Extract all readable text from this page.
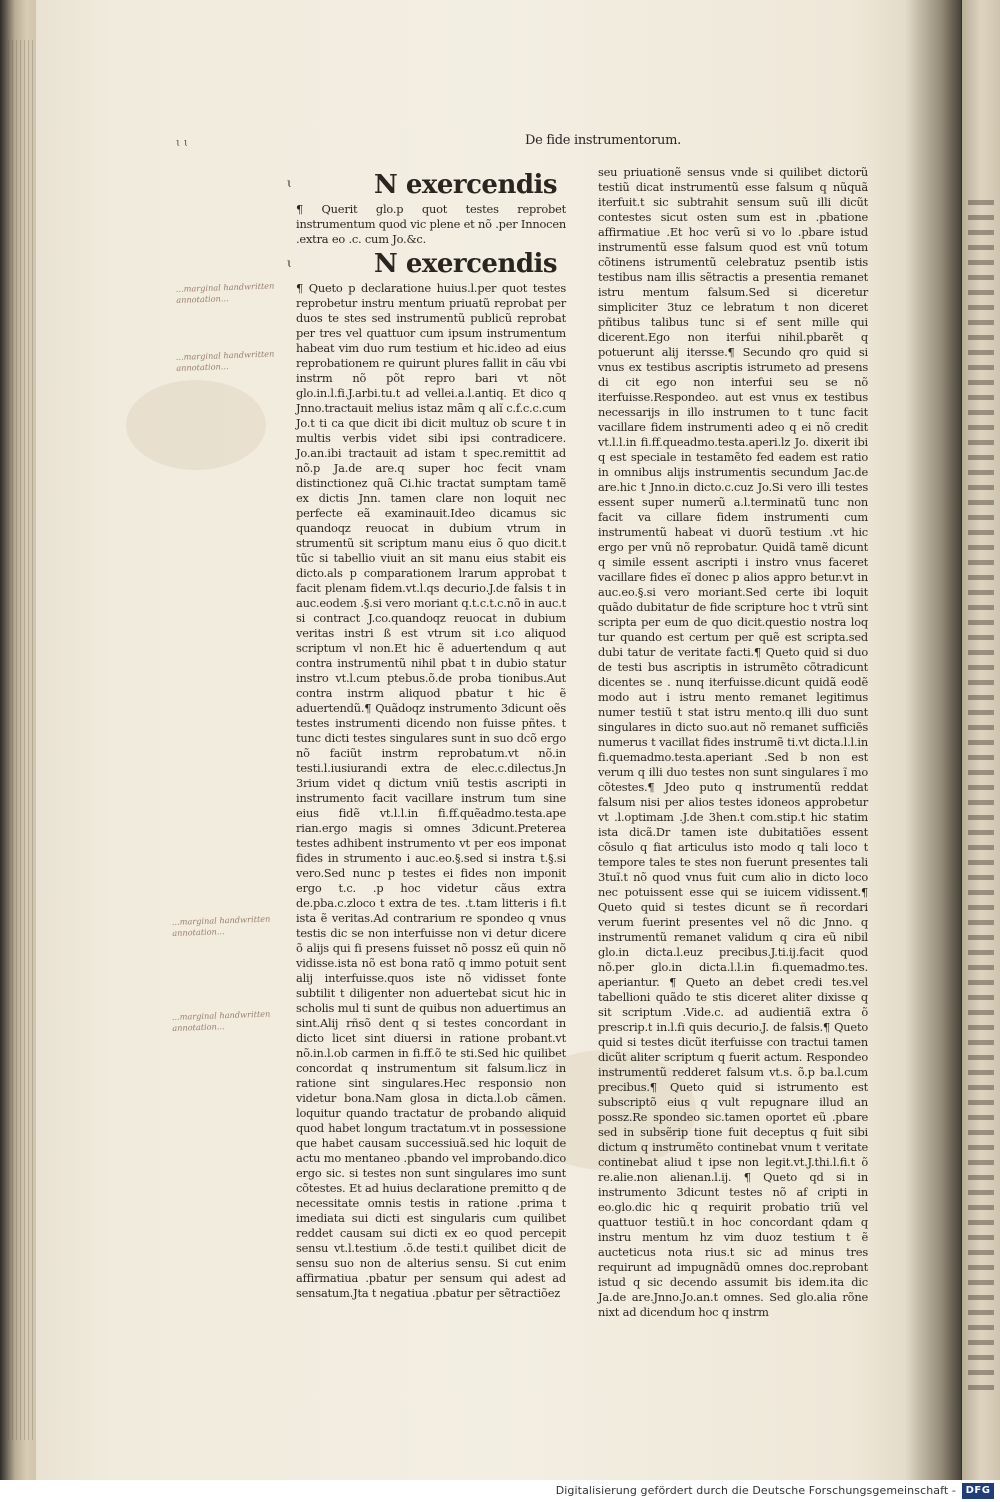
ɩ ɩ	De fide instrumentorum.
ɩ
ɩ
N exercendis
¶ Querit glo.p quot testes reprobet instrumentum quod vic plene et nõ .per Innocen .extra eo .c. cum Jo.&c.
N exercendis
¶ Queto p declaratione huius.l.per quot testes reprobetur instru mentum priuatũ reprobat per duos te stes sed instrumentũ publicũ reprobat per tres vel quattuor cum ipsum instrumentum habeat vim duo rum testium et hic.ideo ad eius reprobationem re quirunt plures fallit in cãu vbi instrm nõ põt repro bari vt nõt glo.in.l.fi.J.arbi.tu.t ad vellei.a.l.antiq. Et dico q Jnno.tractauit melius istaz mãm q alĩ c.f.c.c.cum Jo.t ti ca que dicit ibi dicit multuz ob scure t in multis verbis videt sibi ipsi contradicere. Jo.an.ibi tractauit ad istam t spec.remittit ad nõ.p Ja.de are.q super hoc fecit vnam distinctionez quã Ci.hic tractat sumptam tamẽ ex dictis Jnn. tamen clare non loquit nec perfecte eã examinauit.Ideo dicamus sic quandoqz reuocat in dubium vtrum in strumentũ sit scriptum manu eius õ quo dicit.t tũc si tabellio viuit an sit manu eius stabit eis dicto.als p comparationem lrarum approbat t facit plenam fidem.vt.l.qs decurio.J.de falsis t in auc.eodem .§.si vero moriant q.t.c.t.c.nõ in auc.t si contract J.co.quandoqz reuocat in dubium veritas instri ß est vtrum sit i.co aliquod scriptum vl non.Et hic ẽ aduertendum q aut contra instrumentũ nihil pbat t in dubio statur instro vt.l.cum ptebus.õ.de proba tionibus.Aut contra instrm aliquod pbatur t hic ẽ aduertendũ.¶ Quãdoqz instrumento 3dicunt oẽs testes instrumenti dicendo non fuisse pñtes. t tunc dicti testes singulares sunt in suo dcõ ergo nõ faciũt instrm reprobatum.vt nõ.in testi.l.iusiurandi extra de elec.c.dilectus.Jn 3rium videt q dictum vniũ testis ascripti in instrumento facit vacillare instrum tum sine eius fidẽ vt.l.l.in fi.ff.quẽadmo.testa.ape rian.ergo magis si omnes 3dicunt.Preterea testes adhibent instrumento vt per eos imponat fides in strumento i auc.eo.§.sed si instra t.§.si vero.Sed nunc p testes ei fides non imponit ergo t.c. .p hoc videtur cãus extra de.pba.c.zloco t extra de tes. .t.tam litteris i fi.t ista ẽ veritas.Ad contrarium re spondeo q vnus testis dic se non interfuisse non vi detur dicere õ alijs qui fi presens fuisset nõ possz eũ quin nõ vidisse.ista nõ est bona ratõ q immo potuit sent alij interfuisse.quos iste nõ vidisset fonte subtilit t diligenter non aduertebat sicut hic in scholis mul ti sunt de quibus non aduertimus an sint.Alij rñsõ dent q si testes concordant in dicto licet sint diuersi in ratione probant.vt nõ.in.l.ob carmen in fi.ff.õ te sti.Sed hic quilibet concordat q instrumentum sit falsum.licz in ratione sint singulares.Hec responsio non videtur bona.Nam glosa in dicta.l.ob cãmen. loquitur quando tractatur de probando aliquid quod habet longum tractatum.vt in possessione que habet causam successiuã.sed hic loquit de actu mo mentaneo .pbando vel improbando.dico ergo sic. si testes non sunt singulares imo sunt cõtestes. Et ad huius declaratione premitto q de necessitate omnis testis in ratione .prima t imediata sui dicti est singularis cum quilibet reddet causam sui dicti ex eo quod percepit sensu vt.l.testium .õ.de testi.t quilibet dicit de sensu suo non de alterius sensu. Si cut enim affirmatiua .pbatur per sensum qui adest ad sensatum.Jta t negatiua .pbatur per sẽtractiõez
seu priuationẽ sensus vnde si quilibet dictorũ testiũ dicat instrumentũ esse falsum q nũquã iterfuit.t sic subtrahit sensum suũ illi dicũt contestes sicut osten sum est in .pbatione affirmatiue .Et hoc verũ si vo lo .pbare istud instrumentũ esse falsum quod est vnũ totum cõtinens istrumentũ celebratuz psentib istis testibus nam illis sẽtractis a presentia remanet istru mentum falsum.Sed si diceretur simpliciter 3tuz ce lebratum t non diceret pñtibus talibus tunc si ef sent mille qui dicerent.Ego non iterfui nihil.pbarẽt q potuerunt alij itersse.¶ Secundo qro quid si vnus ex testibus ascriptis istrumeto ad presens di cit ego non interfui seu se nõ iterfuisse.Respondeo. aut est vnus ex testibus necessarijs in illo instrumen to t tunc facit vacillare fidem instrumenti adeo q ei nõ credit vt.l.l.in fi.ff.queadmo.testa.aperi.lz Jo. dixerit ibi q est speciale in testamẽto fed eadem est ratio in omnibus alijs instrumentis secundum Jac.de are.hic t Jnno.in dicto.c.cuz Jo.Si vero illi testes essent super numerũ a.l.terminatũ tunc non facit va cillare fidem instrumenti cum instrumentũ habeat vi duorũ testium .vt hic ergo per vnũ nõ reprobatur. Quidã tamẽ dicunt q simile essent ascripti i instro vnus faceret vacillare fides eĩ donec p alios appro betur.vt in auc.eo.§.si vero moriant.Sed certe ibi loquit quãdo dubitatur de fide scripture hoc t vtrũ sint scripta per eum de quo dicit.questio nostra loq tur quando est certum per quẽ est scripta.sed dubi tatur de veritate facti.¶ Queto quid si duo de testi bus ascriptis in istrumẽto cõtradicunt dicentes se . nunq iterfuisse.dicunt quidã eodẽ modo aut i istru mento remanet legitimus numer testiũ t stat istru mento.q illi duo sunt singulares in dicto suo.aut nõ remanet sufficiẽs numerus t vacillat fides instrumẽ ti.vt dicta.l.l.in fi.quemadmo.testa.aperiant .Sed b non est verum q illi duo testes non sunt singulares ĩ mo cõtestes.¶ Jdeo puto q instrumentũ reddat falsum nisi per alios testes idoneos approbetur vt .l.optimam .J.de 3hen.t com.stip.t hic statim ista dicã.Dr tamen iste dubitatiões essent cõsulo q fiat articulus isto modo q tali loco t tempore tales te stes non fuerunt presentes tali 3tuĩ.t nõ quod vnus fuit cum alio in dicto loco nec potuissent esse qui se iuicem vidissent.¶ Queto quid si testes dicunt se ñ recordari verum fuerint presentes vel nõ dic Jnno. q instrumentũ remanet validum q cira eũ nibil glo.in dicta.l.euz precibus.J.ti.ij.facit quod nõ.per glo.in dicta.l.l.in fi.quemadmo.tes. aperiantur. ¶ Queto an debet credi tes.vel tabellioni quãdo te stis diceret aliter dixisse q sit scriptum .Vide.c. ad audientiã extra õ prescrip.t in.l.fi quis decurio.J. de falsis.¶ Queto quid si testes dicũt iterfuisse con tractui tamen dicũt aliter scriptum q fuerit actum. Respondeo instrumentũ redderet falsum vt.s. õ.p ba.l.cum precibus.¶ Queto quid si istrumento est subscriptõ eius q vult repugnare illud an possz.Re spondeo sic.tamen oportet eũ .pbare sed in subsẽrip tione fuit deceptus q fuit sibi dictum q instrumẽto continebat vnum t veritate continebat aliud t ipse non legit.vt.J.thi.l.fi.t õ re.alie.non alienan.l.ij. ¶ Queto qd si in instrumento 3dicunt testes nõ af cripti in eo.glo.dic hic q requirit probatio triũ vel quattuor testiũ.t in hoc concordant qdam q instru mentum hz vim duoz testium t ẽ aucteticus nota rius.t sic ad minus tres requirunt ad impugnãdũ omnes doc.reprobant istud q sic decendo assumit bis idem.ita dic Ja.de are.Jnno.Jo.an.t omnes. Sed glo.alia rõne nixt ad dicendum hoc q instrm
...marginal handwritten annotation...
...marginal handwritten annotation...
...marginal handwritten annotation...
...marginal handwritten annotation...
Digitalisierung gefördert durch die Deutsche Forschungsgemeinschaft - DFG
